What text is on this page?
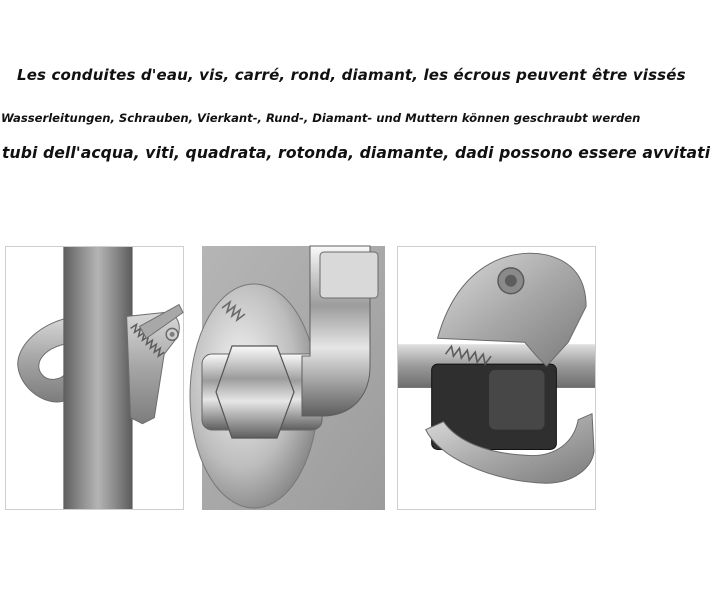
Les conduites d'eau, vis, carré, rond, diamant, les écrous peuvent être vissés
Wasserleitungen, Schrauben, Vierkant-, Rund-, Diamant- und Muttern können geschraubt werden
tubi dell'acqua, viti, quadrata, rotonda, diamante, dadi possono essere avvitati
